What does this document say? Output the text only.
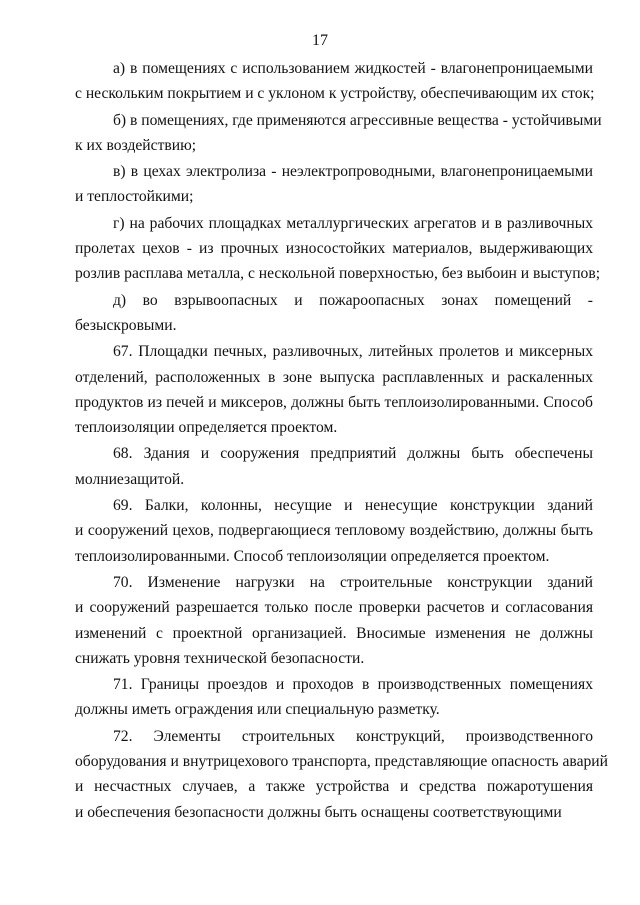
17
а) в помещениях с использованием жидкостей - влагонепроницаемыми
с нескольким покрытием и с уклоном к устройству, обеспечивающим их сток;
б) в помещениях, где применяются агрессивные вещества - устойчивыми
к их воздействию;
в) в цехах электролиза - неэлектропроводными, влагонепроницаемыми
и теплостойкими;
г) на рабочих площадках металлургических агрегатов и в разливочных
пролетах цехов - из прочных износостойких материалов, выдерживающих
розлив расплава металла, с нескольной поверхностью, без выбоин и выступов;
д) во взрывоопасных и пожароопасных зонах помещений -
безыскровыми.
67. Площадки печных, разливочных, литейных пролетов и миксерных
отделений, расположенных в зоне выпуска расплавленных и раскаленных
продуктов из печей и миксеров, должны быть теплоизолированными. Способ
теплоизоляции определяется проектом.
68. Здания и сооружения предприятий должны быть обеспечены
молниезащитой.
69. Балки, колонны, несущие и ненесущие конструкции зданий
и сооружений цехов, подвергающиеся тепловому воздействию, должны быть
теплоизолированными. Способ теплоизоляции определяется проектом.
70. Изменение нагрузки на строительные конструкции зданий
и сооружений разрешается только после проверки расчетов и согласования
изменений с проектной организацией. Вносимые изменения не должны
снижать уровня технической безопасности.
71. Границы проездов и проходов в производственных помещениях
должны иметь ограждения или специальную разметку.
72. Элементы строительных конструкций, производственного
оборудования и внутрицехового транспорта, представляющие опасность аварий
и несчастных случаев, а также устройства и средства пожаротушения
и обеспечения безопасности должны быть оснащены соответствующими
